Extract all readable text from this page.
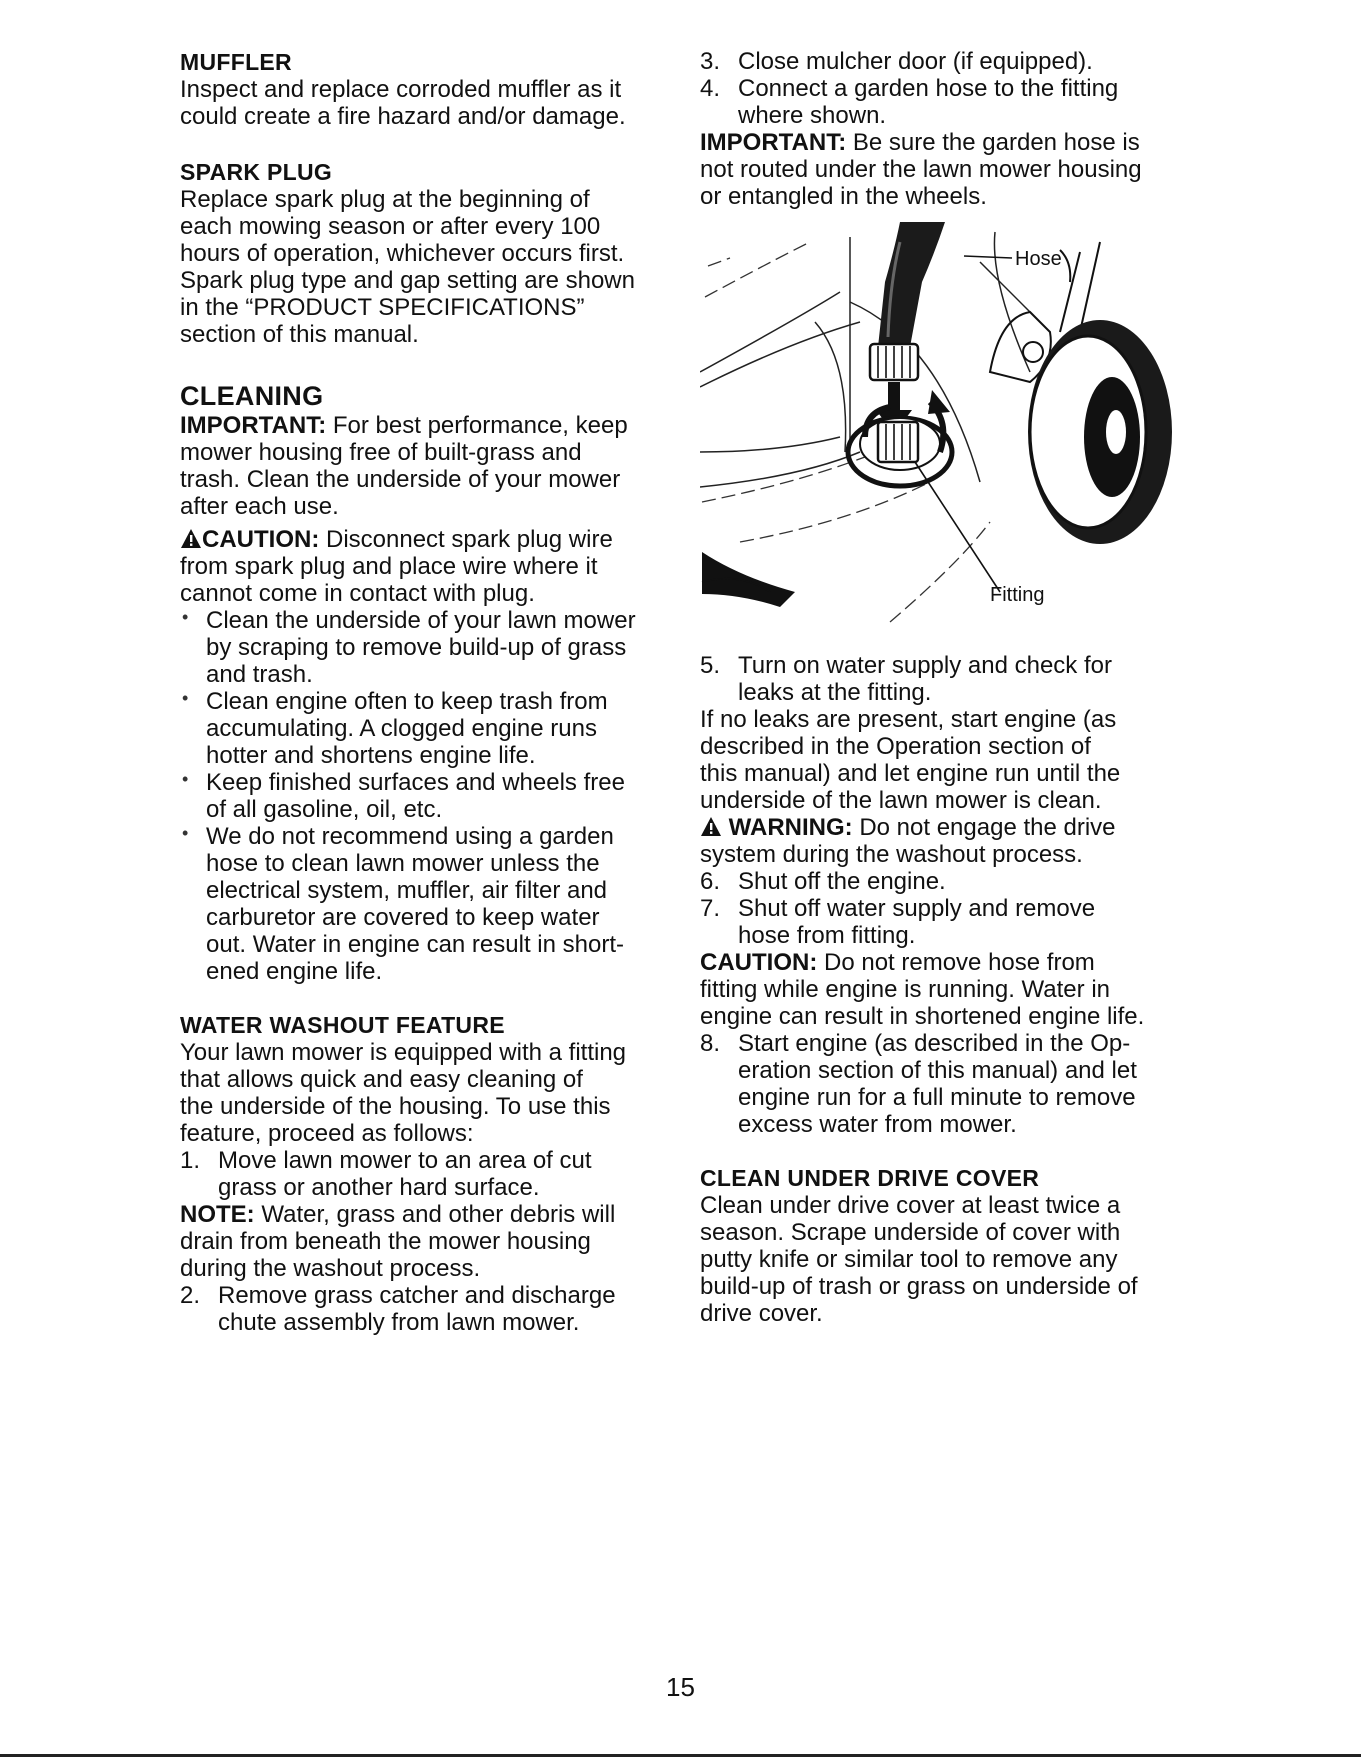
MUFFLER

Inspect and replace corroded muffler as it

could create a fire hazard and/or damage.

SPARK PLUG

Replace spark plug at the beginning of

each mowing season or after every 100

hours of operation, whichever occurs first.

Spark plug type and gap setting are shown

in the “PRODUCT SPECIFICATIONS”

section of this manual.

CLEANING

IMPORTANT: For best performance, keep

mower housing free of built-grass and

trash. Clean the underside of your mower

after each use.

CAUTION: Disconnect spark plug wire

from spark plug and place wire where it

cannot come in contact with plug.

• Clean the underside of your lawn mower

by scraping to remove build-up of grass

and trash.

• Clean engine often to keep trash from

accumulating. A clogged engine runs

hotter and shortens engine life.

• Keep finished surfaces and wheels free

of all gasoline, oil, etc.

• We do not recommend using a garden

hose to clean lawn mower unless the

electrical system, muffler, air filter and

carburetor are covered to keep water

out. Water in engine can result in short-

ened engine life.

WATER WASHOUT FEATURE

Your lawn mower is equipped with a fitting

that allows quick and easy cleaning of

the underside of the housing. To use this

feature, proceed as follows:

1. Move lawn mower to an area of cut

grass or another hard surface.

NOTE: Water, grass and other debris will

drain from beneath the mower housing

during the washout process.

2. Remove grass catcher and discharge

chute assembly from lawn mower.

3. Close mulcher door (if equipped).

4. Connect a garden hose to the fitting

where shown.

IMPORTANT: Be sure the garden hose is

not routed under the lawn mower housing

or entangled in the wheels.

Hose
Fitting
5. Turn on water supply and check for

leaks at the fitting.

If no leaks are present, start engine (as

described in the Operation section of

this manual) and let engine run until the

underside of the lawn mower is clean.

WARNING: Do not engage the drive

system during the washout process.

6. Shut off the engine.

7. Shut off water supply and remove

hose from fitting.

CAUTION: Do not remove hose from

fitting while engine is running. Water in

engine can result in shortened engine life.

8. Start engine (as described in the Op-

eration section of this manual) and let

engine run for a full minute to remove

excess water from mower.

CLEAN UNDER DRIVE COVER

Clean under drive cover at least twice a

season. Scrape underside of cover with

putty knife or similar tool to remove any

build-up of trash or grass on underside of

drive cover.

15
